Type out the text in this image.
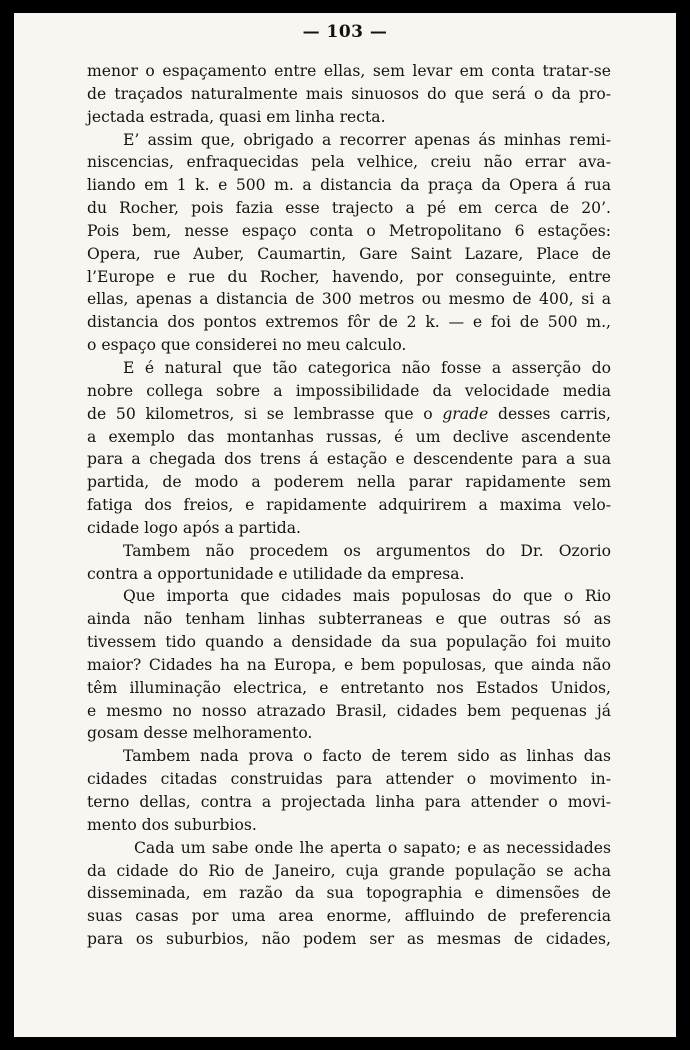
— 103 —
menor o espaçamento entre ellas, sem levar em conta tratar-se
de traçados naturalmente mais sinuosos do que será o da pro-
jectada estrada, quasi em linha recta.
E’ assim que, obrigado a recorrer apenas ás minhas remi-
niscencias, enfraquecidas pela velhice, creiu não errar ava-
liando em 1 k. e 500 m. a distancia da praça da Opera á rua
du Rocher, pois fazia esse trajecto a pé em cerca de 20’.
Pois bem, nesse espaço conta o Metropolitano 6 estações:
Opera, rue Auber, Caumartin, Gare Saint Lazare, Place de
l’Europe e rue du Rocher, havendo, por conseguinte, entre
ellas, apenas a distancia de 300 metros ou mesmo de 400, si a
distancia dos pontos extremos fôr de 2 k. — e foi de 500 m.,
o espaço que considerei no meu calculo.
E é natural que tão categorica não fosse a asserção do
nobre collega sobre a impossibilidade da velocidade media
de 50 kilometros, si se lembrasse que o grade desses carris,
a exemplo das montanhas russas, é um declive ascendente
para a chegada dos trens á estação e descendente para a sua
partida, de modo a poderem nella parar rapidamente sem
fatiga dos freios, e rapidamente adquirirem a maxima velo-
cidade logo após a partida.
Tambem não procedem os argumentos do Dr. Ozorio
contra a opportunidade e utilidade da empresa.
Que importa que cidades mais populosas do que o Rio
ainda não tenham linhas subterraneas e que outras só as
tivessem tido quando a densidade da sua população foi muito
maior? Cidades ha na Europa, e bem populosas, que ainda não
têm illuminação electrica, e entretanto nos Estados Unidos,
e mesmo no nosso atrazado Brasil, cidades bem pequenas já
gosam desse melhoramento.
Tambem nada prova o facto de terem sido as linhas das
cidades citadas construidas para attender o movimento in-
terno dellas, contra a projectada linha para attender o movi-
mento dos suburbios.
Cada um sabe onde lhe aperta o sapato; e as necessidades
da cidade do Rio de Janeiro, cuja grande população se acha
disseminada, em razão da sua topographia e dimensões de
suas casas por uma area enorme, affluindo de preferencia
para os suburbios, não podem ser as mesmas de cidades,
